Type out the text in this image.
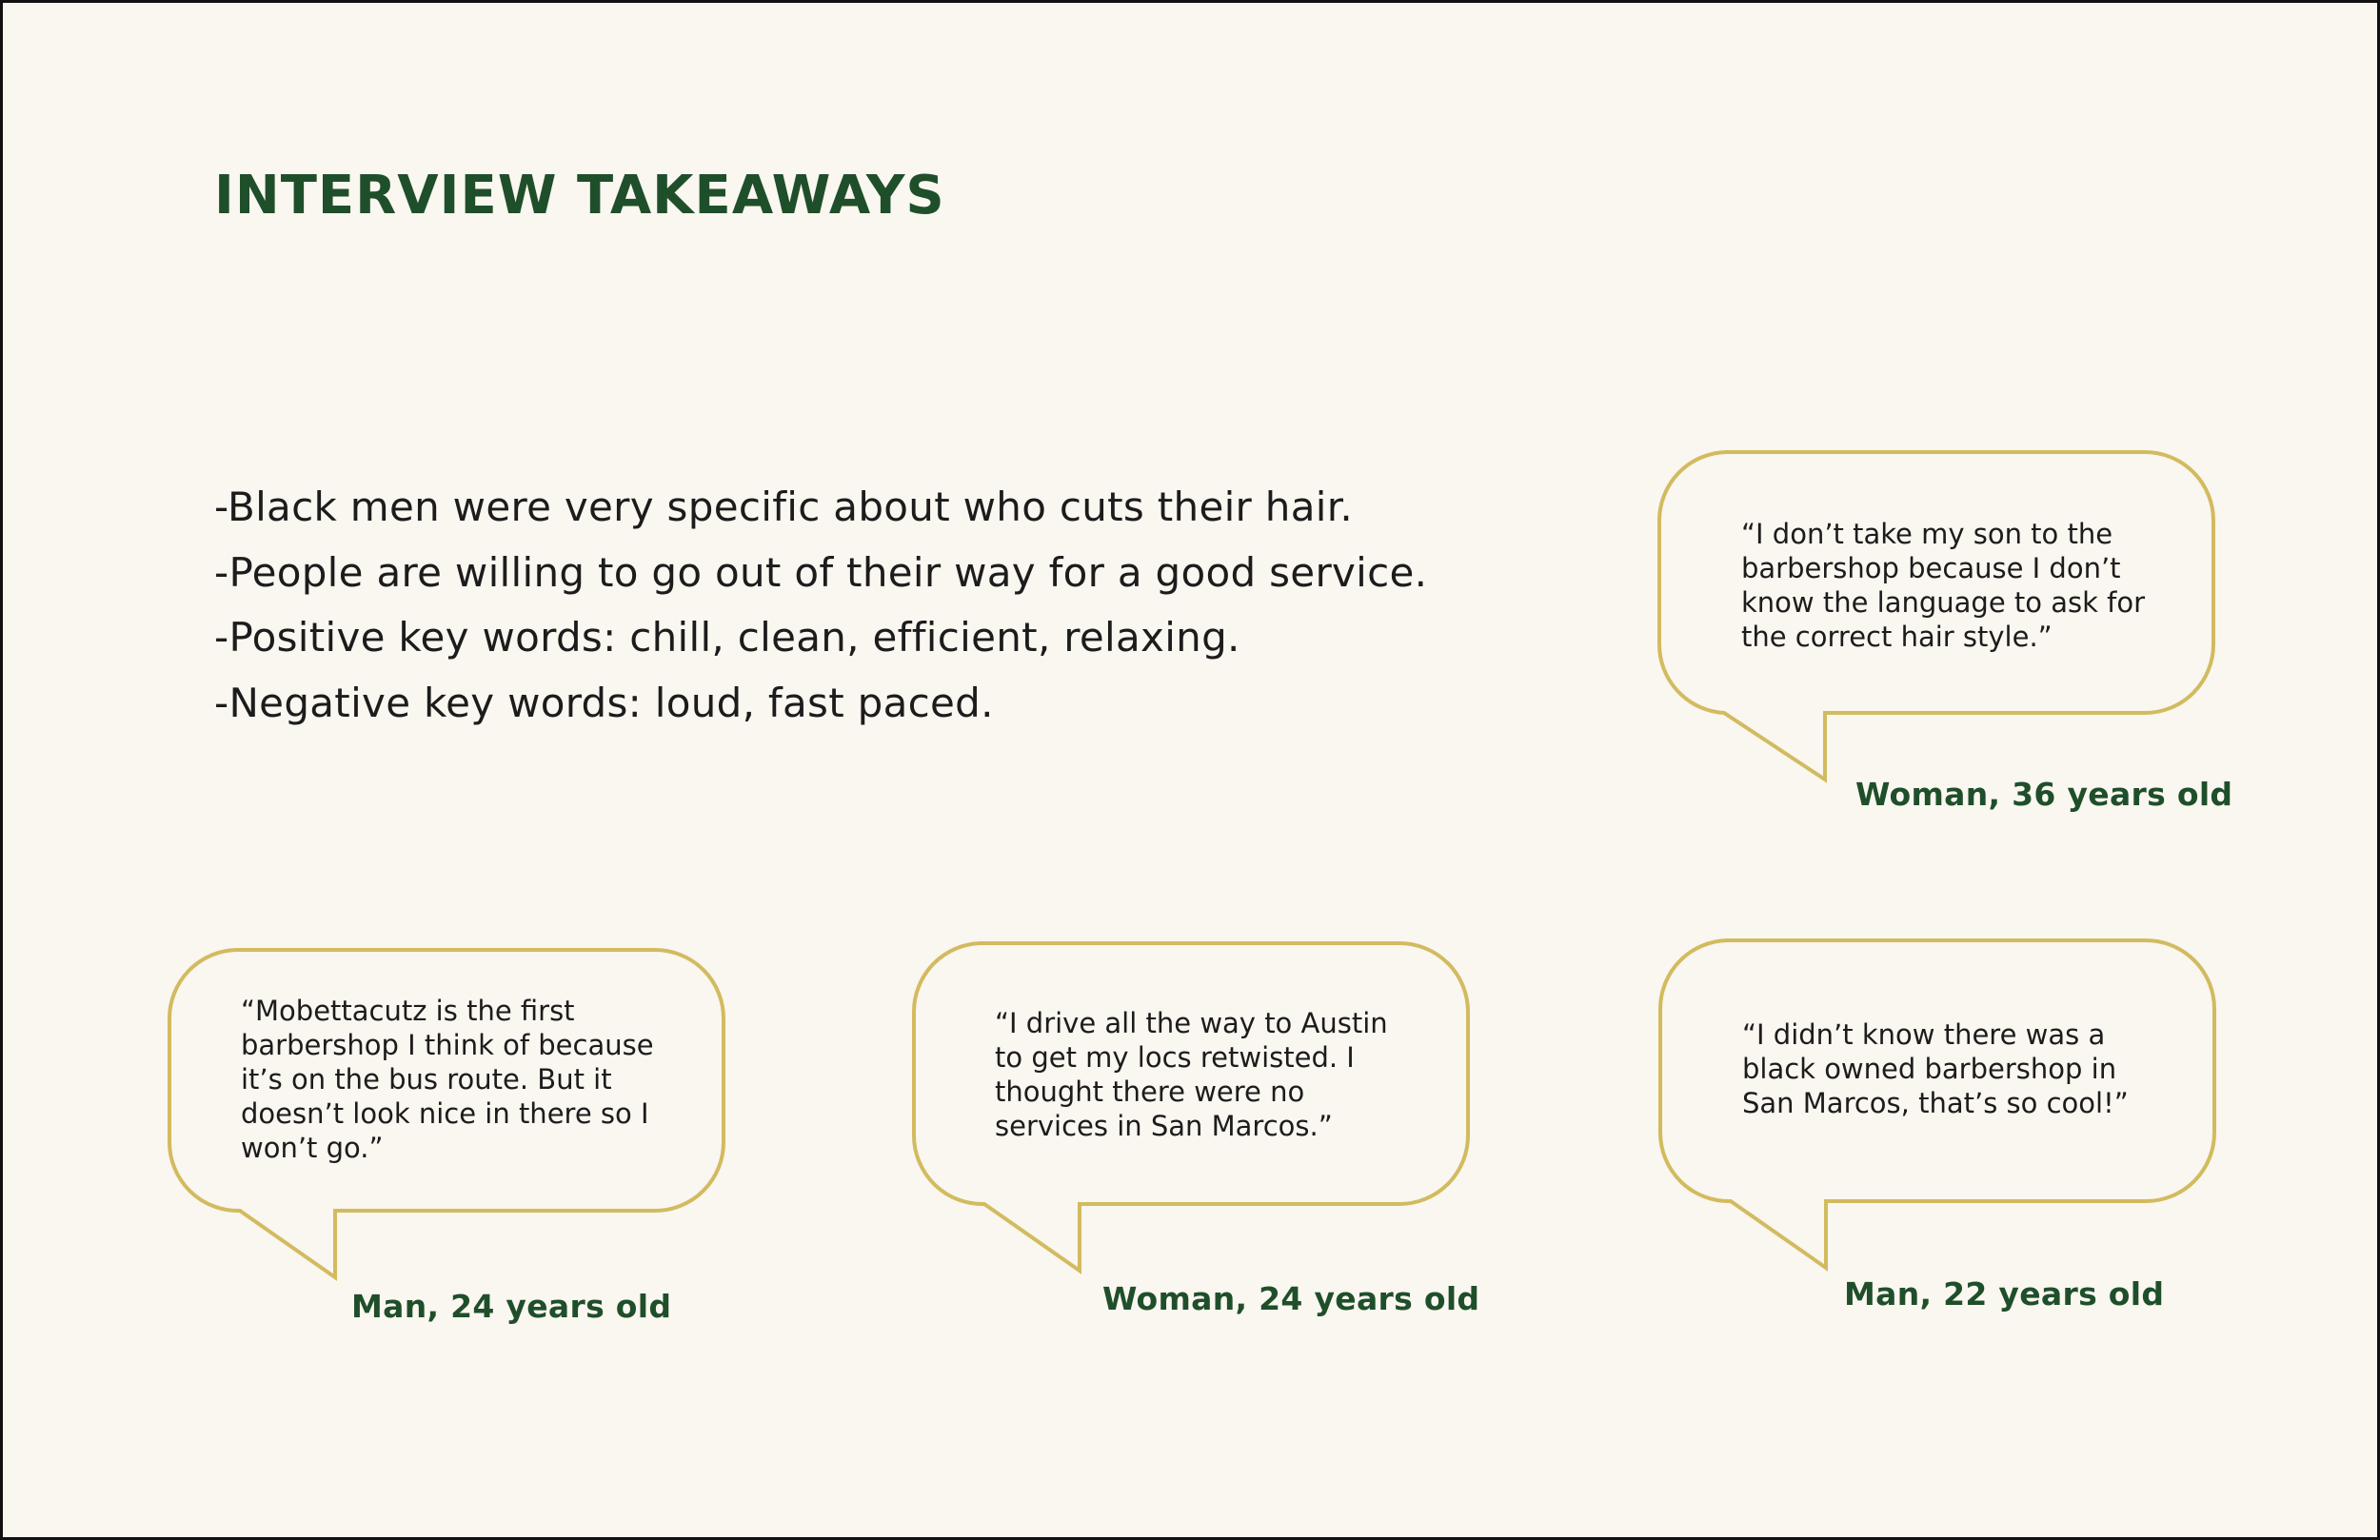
INTERVIEW TAKEAWAYS
-Black men were very specific about who cuts their hair.
-People are willing to go out of their way for a good service.
-Positive key words: chill, clean, efficient, relaxing.
-Negative key words: loud, fast paced.

“I don’t take my son to the barbershop because I don’t know the language to ask for the correct hair style.”

Woman, 36 years old

“Mobettacutz is the first barbershop I think of because it’s on the bus route. But it doesn’t look nice in there so I won’t go.”

Man, 24 years old

“I drive all the way to Austin to get my locs retwisted. I thought there were no services in San Marcos.”

Woman, 24 years old

“I didn’t know there was a black owned barbershop in San Marcos, that’s so cool!”

Man, 22 years old
